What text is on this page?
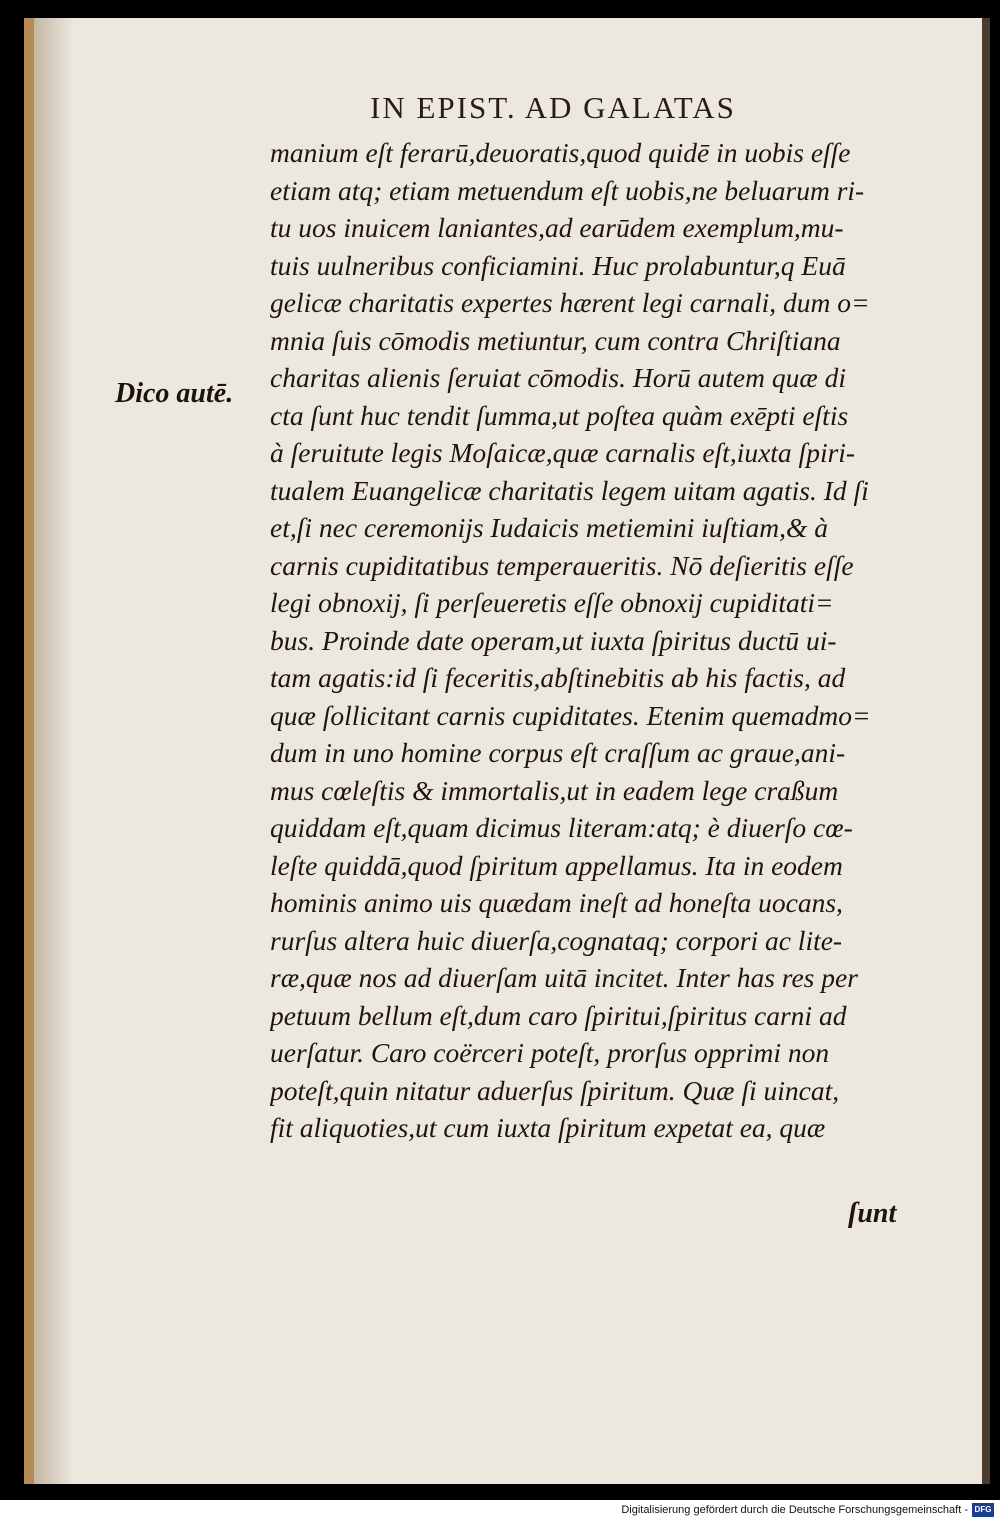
IN EPIST. AD GALATAS
Dico autē.
manium eſt ferarū,deuoratis,quod quidē in uobis eſſe
etiam atq; etiam metuendum eſt uobis,ne beluarum ri-
tu uos inuicem laniantes,ad earūdem exemplum,mu-
tuis uulneribus conficiamini. Huc prolabuntur,q Euā
gelicæ charitatis expertes hærent legi carnali, dum o=
mnia ſuis cōmodis metiuntur, cum contra Chriſtiana
charitas alienis ſeruiat cōmodis. Horū autem quæ di
cta ſunt huc tendit ſumma,ut poſtea quàm exēpti eſtis
à ſeruitute legis Moſaicæ,quæ carnalis eſt,iuxta ſpiri-
tualem Euangelicæ charitatis legem uitam agatis. Id ſi
et,ſi nec ceremonijs Iudaicis metiemini iuſtiam,& à
carnis cupiditatibus temperaueritis. Nō deſieritis eſſe
legi obnoxij, ſi perſeueretis eſſe obnoxij cupiditati=
bus. Proinde date operam,ut iuxta ſpiritus ductū ui-
tam agatis:id ſi feceritis,abſtinebitis ab his factis, ad
quæ ſollicitant carnis cupiditates. Etenim quemadmo=
dum in uno homine corpus eſt craſſum ac graue,ani-
mus cœleſtis & immortalis,ut in eadem lege craßum
quiddam eſt,quam dicimus literam:atq; è diuerſo cœ-
leſte quiddā,quod ſpiritum appellamus. Ita in eodem
hominis animo uis quædam ineſt ad honeſta uocans,
rurſus altera huic diuerſa,cognataq; corpori ac lite-
ræ,quæ nos ad diuerſam uitā incitet. Inter has res per
petuum bellum eſt,dum caro ſpiritui,ſpiritus carni ad
uerſatur. Caro coërceri poteſt, prorſus opprimi non
poteſt,quin nitatur aduerſus ſpiritum. Quæ ſi uincat,
fit aliquoties,ut cum iuxta ſpiritum expetat ea, quæ
ſunt
Digitalisierung gefördert durch die Deutsche Forschungsgemeinschaft - DFG
